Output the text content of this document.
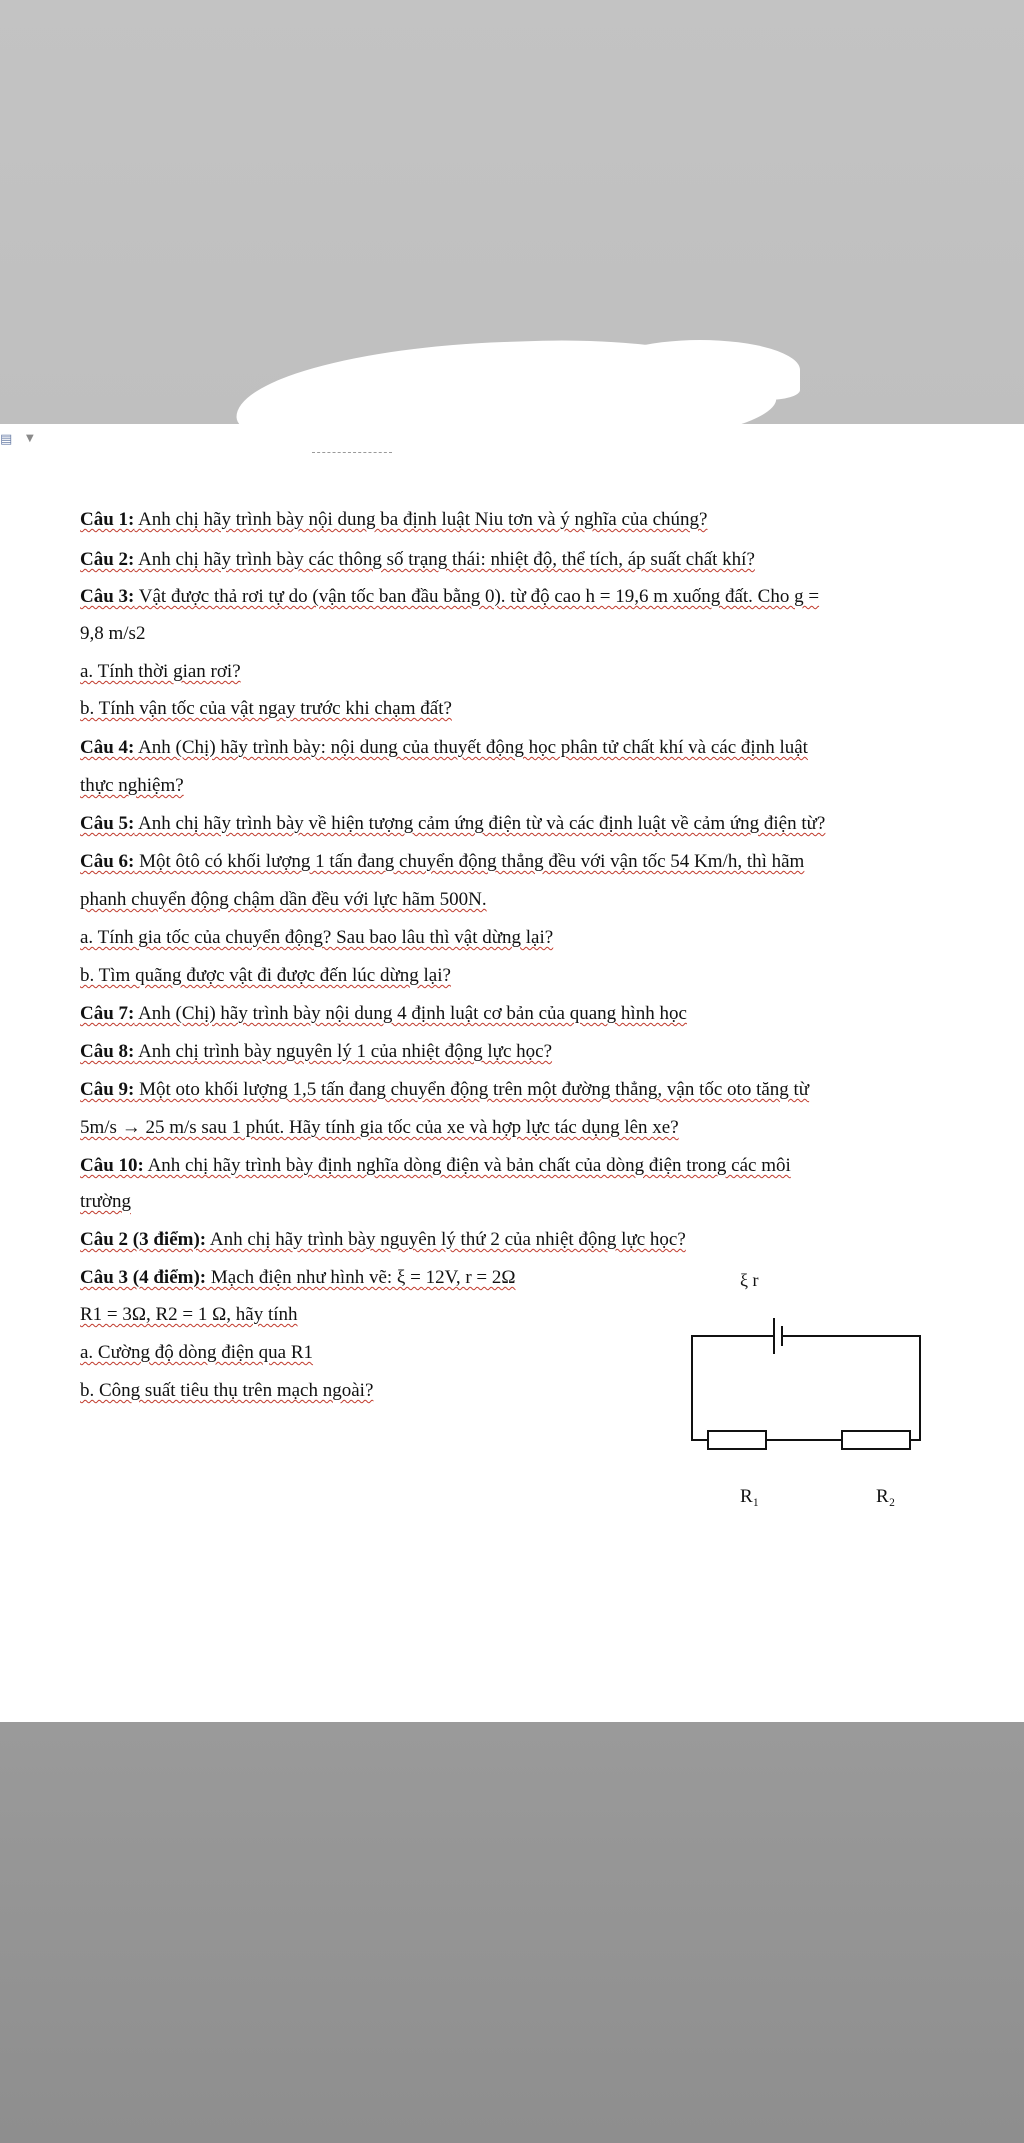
▤ ▼
Câu 1: Anh chị hãy trình bày nội dung ba định luật Niu tơn và ý nghĩa của chúng?
Câu 2: Anh chị hãy trình bày các thông số trạng thái: nhiệt độ, thể tích, áp suất chất khí?
Câu 3: Vật được thả rơi tự do (vận tốc ban đầu bằng 0). từ độ cao h = 19,6 m xuống đất. Cho g =
9,8 m/s2
a. Tính thời gian rơi?
b. Tính vận tốc của vật ngay trước khi chạm đất?
Câu 4: Anh (Chị) hãy trình bày: nội dung của thuyết động học phân tử chất khí và các định luật
thực nghiệm?
Câu 5: Anh chị hãy trình bày về hiện tượng cảm ứng điện từ và các định luật về cảm ứng điện từ?
Câu 6: Một ôtô có khối lượng 1 tấn đang chuyển động thẳng đều với vận tốc 54 Km/h, thì hãm
phanh chuyển động chậm dần đều với lực hãm 500N.
a. Tính gia tốc của chuyển động? Sau bao lâu thì vật dừng lại?
b. Tìm quãng được vật đi được đến lúc dừng lại?
Câu 7: Anh (Chị) hãy trình bày nội dung 4 định luật cơ bản của quang hình học
Câu 8: Anh chị trình bày nguyên lý 1 của nhiệt động lực học?
Câu 9: Một oto khối lượng 1,5 tấn đang chuyển động trên một đường thẳng, vận tốc oto tăng từ
5m/s → 25 m/s sau 1 phút. Hãy tính gia tốc của xe và hợp lực tác dụng lên xe?
Câu 10: Anh chị hãy trình bày định nghĩa dòng điện và bản chất của dòng điện trong các môi
trường
Câu 2 (3 điểm): Anh chị hãy trình bày nguyên lý thứ 2 của nhiệt động lực học?
Câu 3 (4 điểm): Mạch điện như hình vẽ: ξ = 12V, r = 2Ω
R1 = 3Ω, R2 = 1 Ω, hãy tính
a. Cường độ dòng điện qua R1
b. Công suất tiêu thụ trên mạch ngoài?
ξ r
R₁	R₂
